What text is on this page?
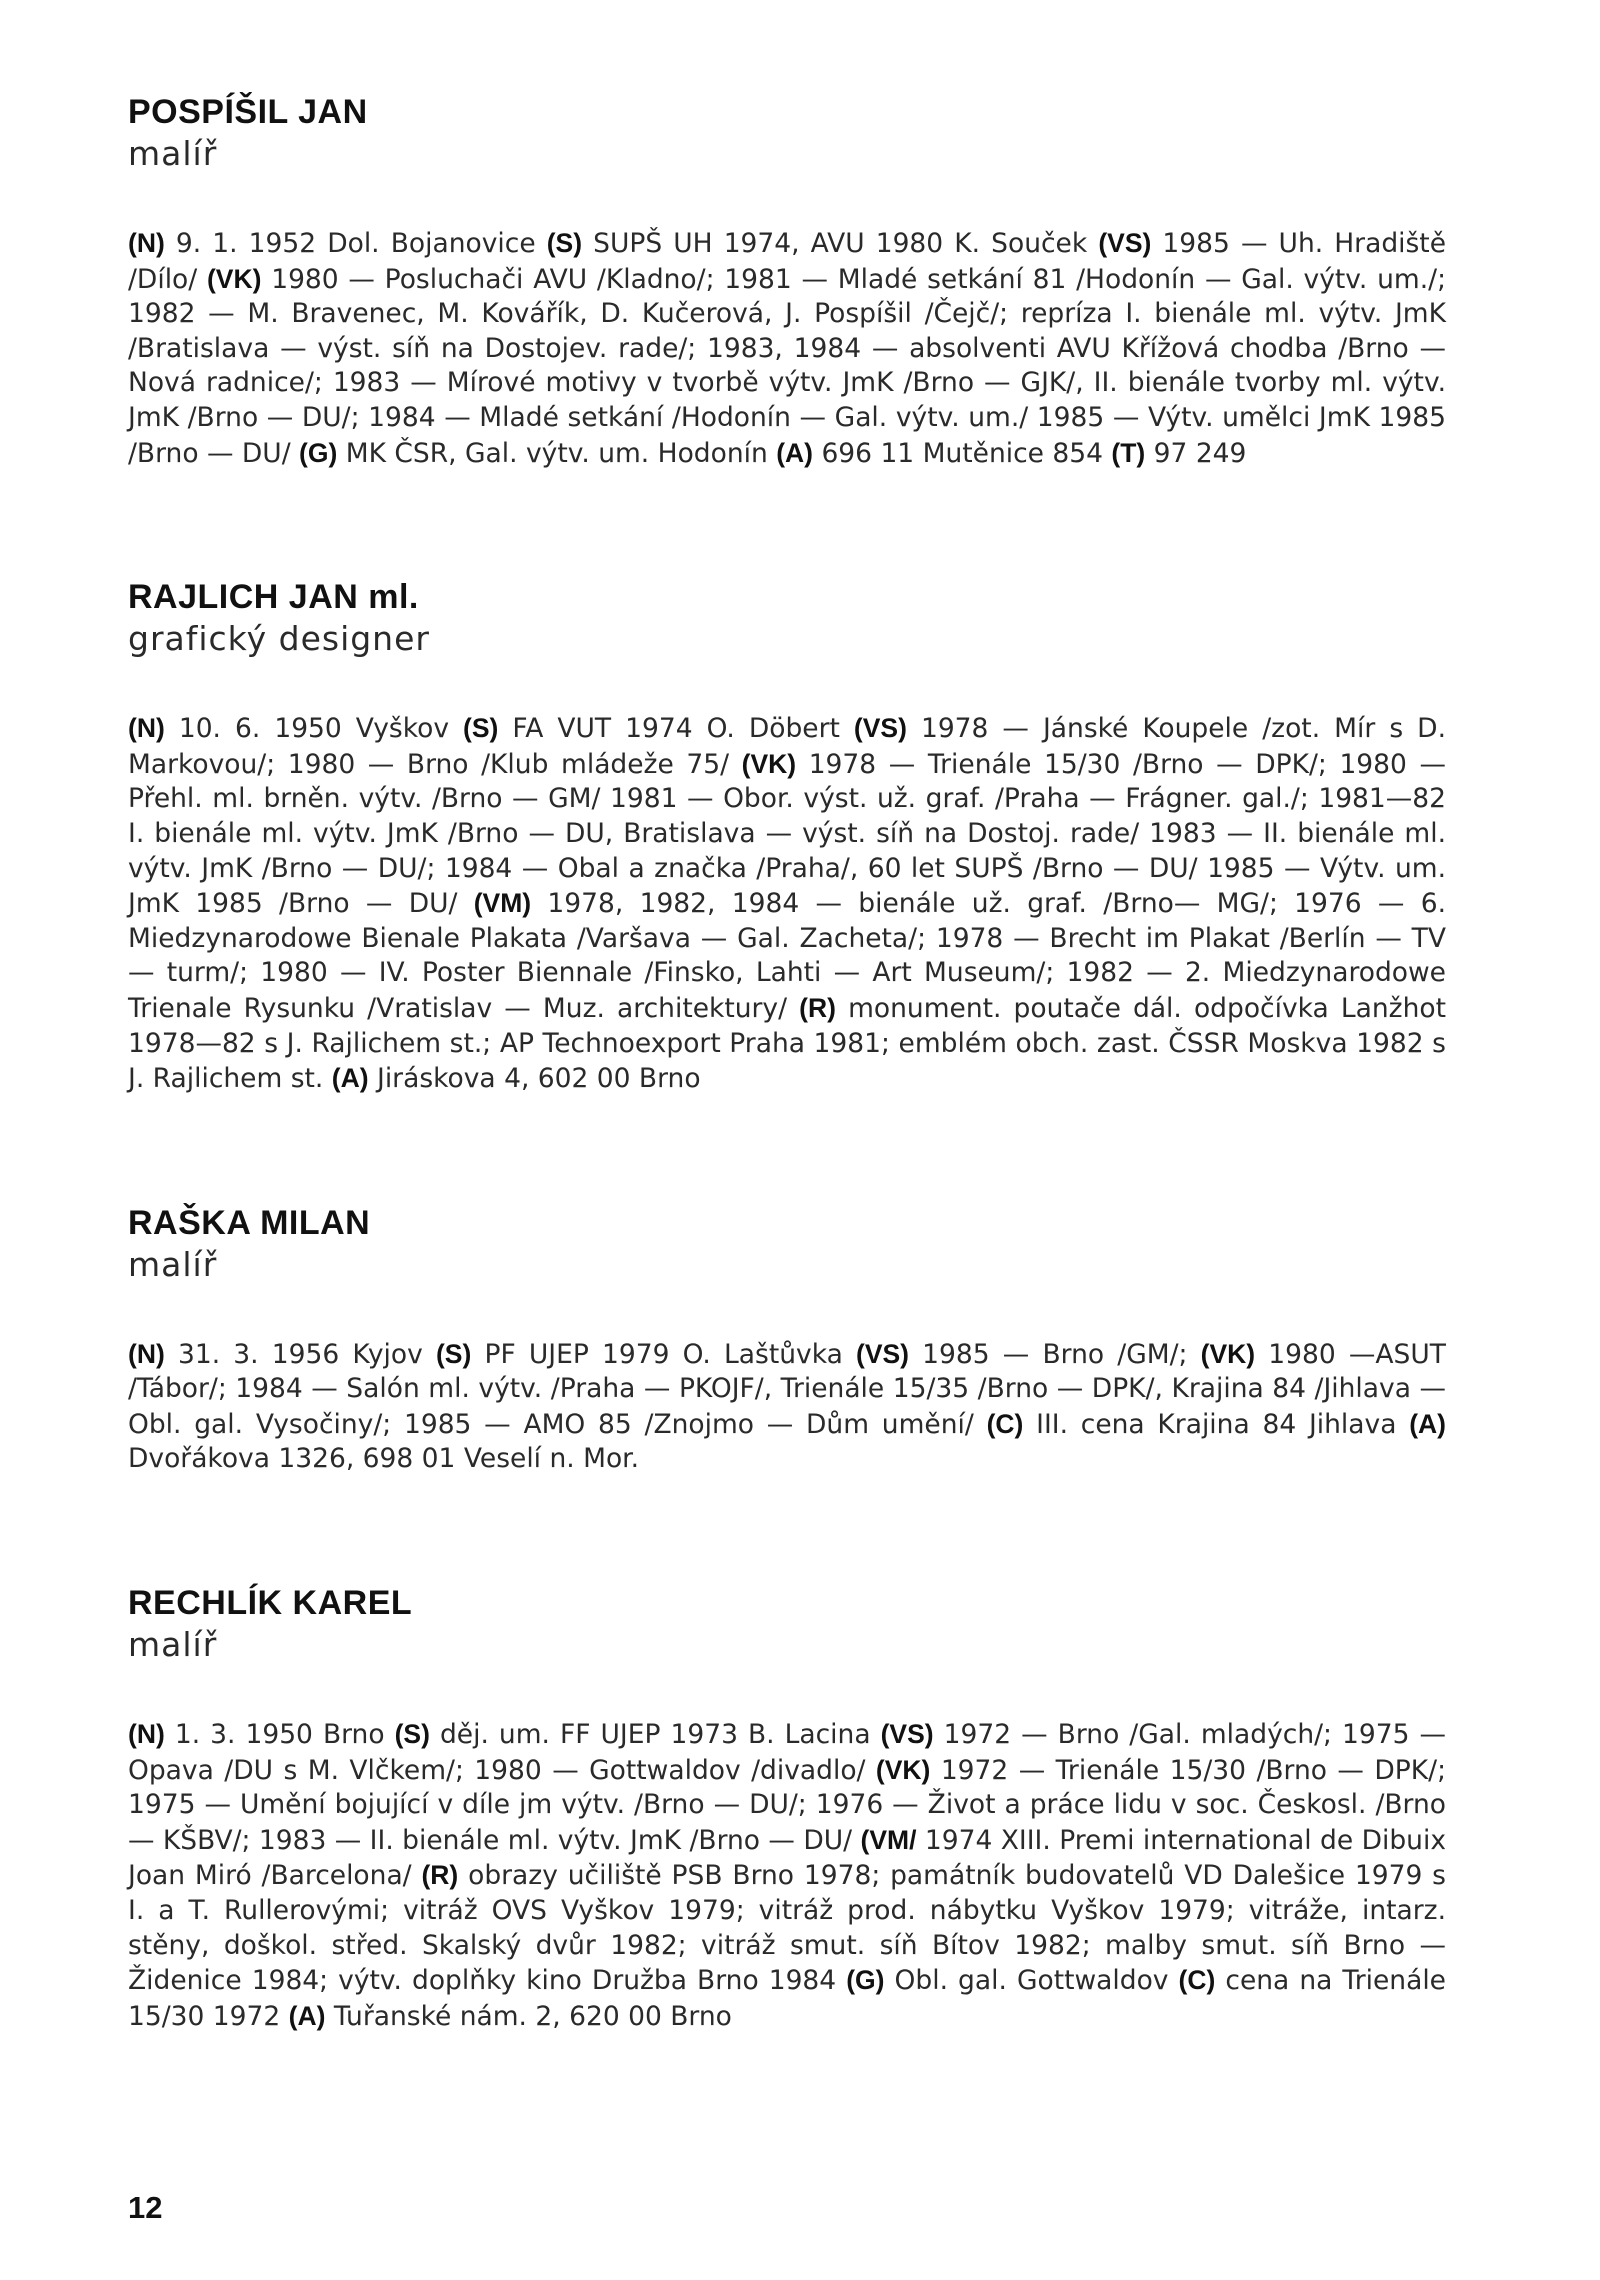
POSPÍŠIL JAN
malíř
(N) 9. 1. 1952 Dol. Bojanovice (S) SUPŠ UH 1974, AVU 1980 K. Souček (VS) 1985 — Uh. Hradiště /Dílo/ (VK) 1980 — Posluchači AVU /Kladno/; 1981 — Mladé setkání 81 /Hodonín — Gal. výtv. um./; 1982 — M. Bravenec, M. Kovářík, D. Kučerová, J. Pospíšil /Čejč/; repríza I. bienále ml. výtv. JmK /Bratislava — výst. síň na Dostojev. rade/; 1983, 1984 — absolventi AVU Křížová chodba /Brno — Nová radnice/; 1983 — Mírové motivy v tvorbě výtv. JmK /Brno — GJK/, II. bienále tvorby ml. výtv. JmK /Brno — DU/; 1984 — Mladé setkání /Hodonín — Gal. výtv. um./ 1985 — Výtv. umělci JmK 1985 /Brno — DU/ (G) MK ČSR, Gal. výtv. um. Hodonín (A) 696 11 Mutěnice 854 (T) 97 249
RAJLICH JAN ml.
grafický designer
(N) 10. 6. 1950 Vyškov (S) FA VUT 1974 O. Döbert (VS) 1978 — Jánské Koupele /zot. Mír s D. Markovou/; 1980 — Brno /Klub mládeže 75/ (VK) 1978 — Trienále 15/30 /Brno — DPK/; 1980 — Přehl. ml. brněn. výtv. /Brno — GM/ 1981 — Obor. výst. už. graf. /Praha — Frágner. gal./; 1981—82 I. bienále ml. výtv. JmK /Brno — DU, Bratislava — výst. síň na Dostoj. rade/ 1983 — II. bienále ml. výtv. JmK /Brno — DU/; 1984 — Obal a značka /Praha/, 60 let SUPŠ /Brno — DU/ 1985 — Výtv. um. JmK 1985 /Brno — DU/ (VM) 1978, 1982, 1984 — bienále už. graf. /Brno— MG/; 1976 — 6. Miedzynarodowe Bienale Plakata /Varšava — Gal. Zacheta/; 1978 — Brecht im Plakat /Berlín — TV — turm/; 1980 — IV. Poster Biennale /Finsko, Lahti — Art Museum/; 1982 — 2. Miedzynarodowe Trienale Rysunku /Vratislav — Muz. architektury/ (R) monument. poutače dál. odpočívka Lanžhot 1978—82 s J. Rajlichem st.; AP Technoexport Praha 1981; emblém obch. zast. ČSSR Moskva 1982 s J. Rajlichem st. (A) Jiráskova 4, 602 00 Brno
RAŠKA MILAN
malíř
(N) 31. 3. 1956 Kyjov (S) PF UJEP 1979 O. Laštůvka (VS) 1985 — Brno /GM/; (VK) 1980 —ASUT /Tábor/; 1984 — Salón ml. výtv. /Praha — PKOJF/, Trienále 15/35 /Brno — DPK/, Krajina 84 /Jihlava — Obl. gal. Vysočiny/; 1985 — AMO 85 /Znojmo — Dům umění/ (C) III. cena Krajina 84 Jihlava (A) Dvořákova 1326, 698 01 Veselí n. Mor.
RECHLÍK KAREL
malíř
(N) 1. 3. 1950 Brno (S) děj. um. FF UJEP 1973 B. Lacina (VS) 1972 — Brno /Gal. mladých/; 1975 — Opava /DU s M. Vlčkem/; 1980 — Gottwaldov /divadlo/ (VK) 1972 — Trienále 15/30 /Brno — DPK/; 1975 — Umění bojující v díle jm výtv. /Brno — DU/; 1976 — Život a práce lidu v soc. Českosl. /Brno — KŠBV/; 1983 — II. bienále ml. výtv. JmK /Brno — DU/ (VM/ 1974 XIII. Premi international de Dibuix Joan Miró /Barcelona/ (R) obrazy učiliště PSB Brno 1978; památník budovatelů VD Dalešice 1979 s I. a T. Rullerovými; vitráž OVS Vyškov 1979; vitráž prod. nábytku Vyškov 1979; vitráže, intarz. stěny, doškol. střed. Skalský dvůr 1982; vitráž smut. síň Bítov 1982; malby smut. síň Brno — Židenice 1984; výtv. doplňky kino Družba Brno 1984 (G) Obl. gal. Gottwaldov (C) cena na Trienále 15/30 1972 (A) Tuřanské nám. 2, 620 00 Brno
12
